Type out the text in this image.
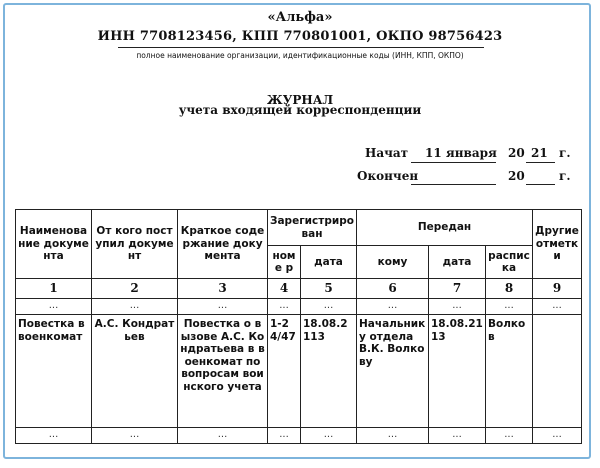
«Альфа»
ИНН 7708123456, КПП 770801001, ОКПО 98756423
полное наименование организации, идентификационные коды (ИНН, КПП, ОКПО)
ЖУРНАЛ
учета входящей корреспонденции
Начат 11 января 20 21 г.
Окончен	20	г.
Наименова ние документа	От кого поступил документ	Краткое содержание документа	Зарегистрирован		Передан			Другие отметки
			номе р	дата	кому	дата	расписка	
1	2	3	4	5	6	7	8	9
...	...	...	...	...	...	...	...	...
Повестка в военкомат	А.С. Кондратьев	Повестка о вызове А.С. Кондратьева в военкомат по вопросам воинского учета	1-24/47	18.08.2113	Начальник у отдела В.К. Волкову	18.08.2113	Волков	
...	...	...	...	...	...	...	...	...
